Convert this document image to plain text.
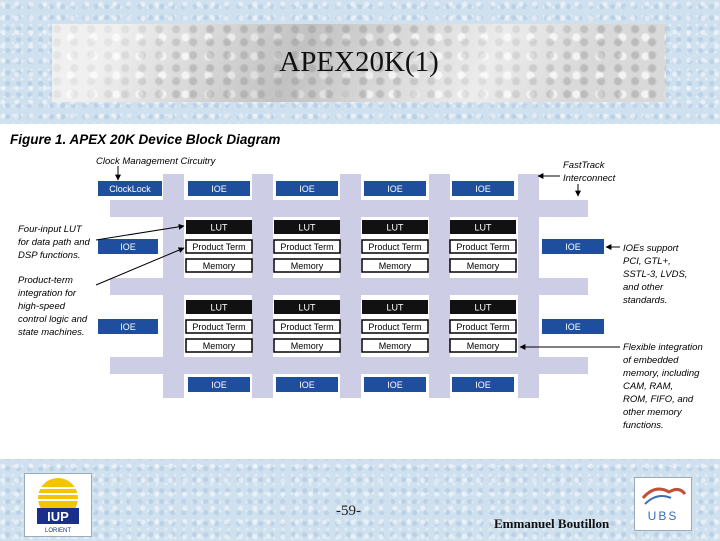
APEX20K(1)
Figure 1. APEX 20K Device Block Diagram
ClockLock	IOE	IOE	IOE	IOE
IOE
IOE
IOE
IOE
IOE	IOE	IOE	IOE
LUT
Product Term
Memory
LUT
Product Term
Memory
LUT
Product Term
Memory
LUT
Product Term
Memory
LUT
Product Term
Memory
LUT
Product Term
Memory
LUT
Product Term
Memory
LUT
Product Term
Memory
Clock Management Circuitry	FastTrack
Interconnect
Four-input LUT
for data path and
DSP functions.
Product-term
integration for
high-speed
control logic and
state machines.
IOEs support
PCI, GTL+,
SSTL-3, LVDS,
and other
standards.
Flexible integration
of embedded
memory, including
CAM, RAM,
ROM, FIFO, and
other memory
functions.
IUP
LORIENT
-59-
Emmanuel Boutillon	UBS
